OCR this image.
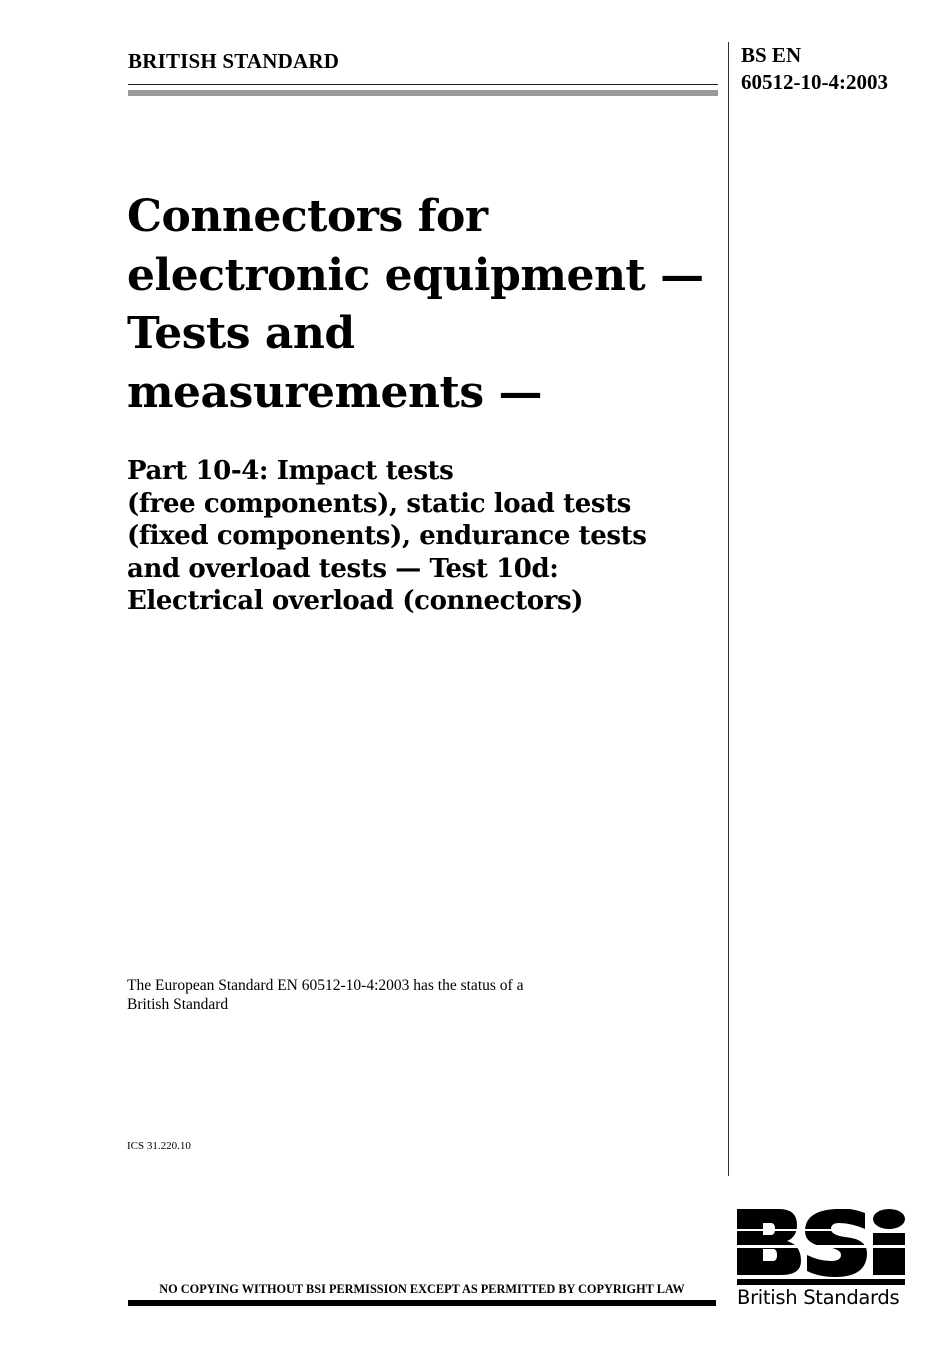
BRITISH STANDARD	BS EN
60512-10-4:2003
Connectors for
electronic equipment —
Tests and
measurements —
Part 10-4: Impact tests
(free components), static load tests
(fixed components), endurance tests
and overload tests — Test 10d:
Electrical overload (connectors)
The European Standard EN 60512-10-4:2003 has the status of a
British Standard
ICS 31.220.10
British Standards
NO COPYING WITHOUT BSI PERMISSION EXCEPT AS PERMITTED BY COPYRIGHT LAW
